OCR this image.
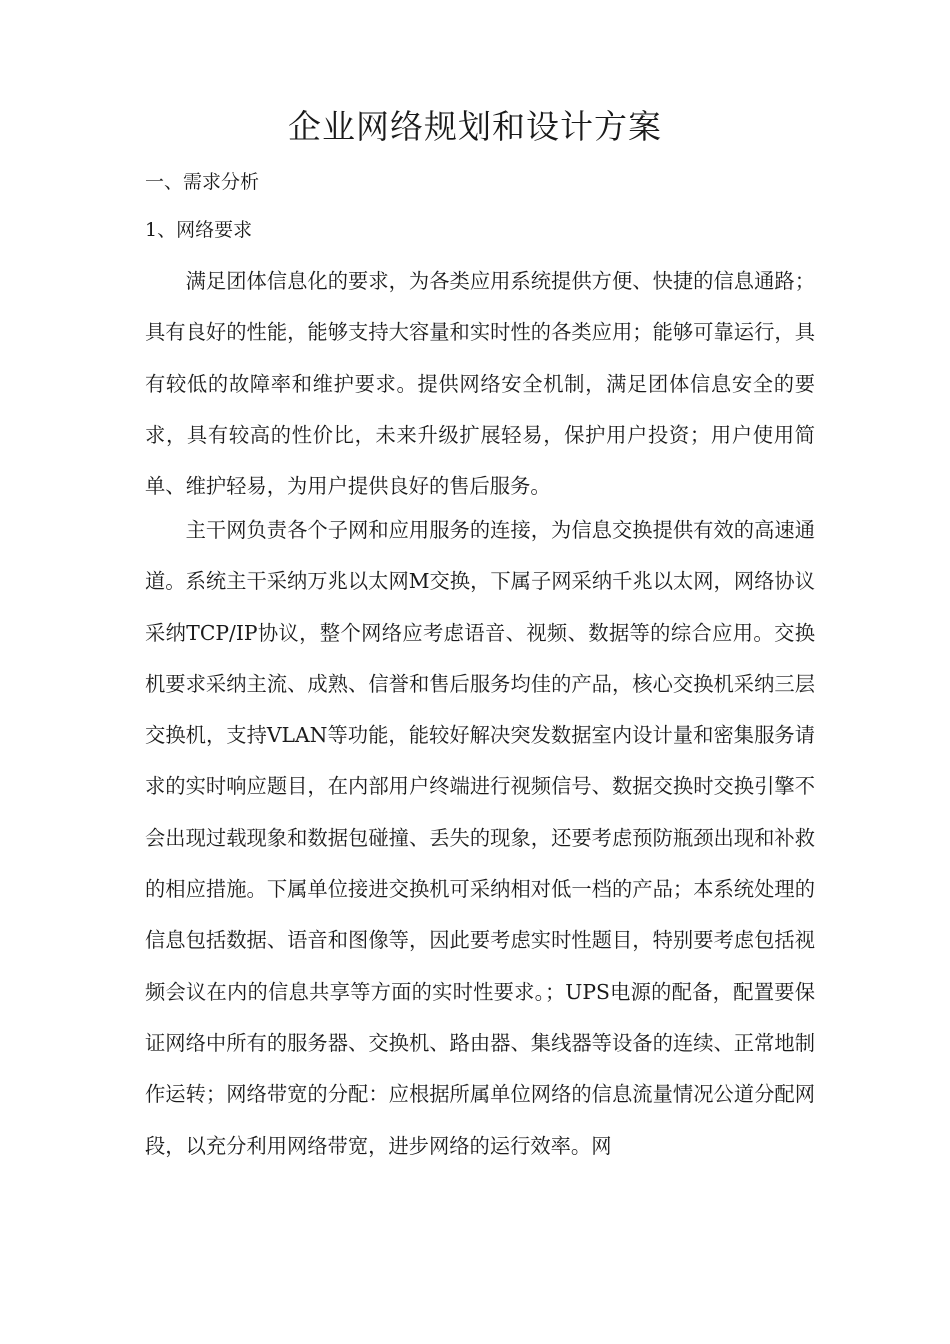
企业网络规划和设计方案
一、需求分析
1、网络要求

满足团体信息化的要求，为各类应用系统提供方便、快捷的信息通路；具有良好的性能，能够支持大容量和实时性的各类应用；能够可靠运行，具有较低的故障率和维护要求。提供网络安全机制，满足团体信息安全的要求，具有较高的性价比，未来升级扩展轻易，保护用户投资；用户使用简单、维护轻易，为用户提供良好的售后服务。

主干网负责各个子网和应用服务的连接，为信息交换提供有效的高速通道。系统主干采纳万兆以太网M交换，下属子网采纳千兆以太网，网络协议采纳TCP/IP协议，整个网络应考虑语音、视频、数据等的综合应用。交换机要求采纳主流、成熟、信誉和售后服务均佳的产品，核心交换机采纳三层交换机，支持VLAN等功能，能较好解决突发数据室内设计量和密集服务请求的实时响应题目，在内部用户终端进行视频信号、数据交换时交换引擎不会出现过载现象和数据包碰撞、丢失的现象，还要考虑预防瓶颈出现和补救的相应措施。下属单位接进交换机可采纳相对低一档的产品；本系统处理的信息包括数据、语音和图像等，因此要考虑实时性题目，特别要考虑包括视频会议在内的信息共享等方面的实时性要求。；UPS电源的配备，配置要保证网络中所有的服务器、交换机、路由器、集线器等设备的连续、正常地制作运转；网络带宽的分配：应根据所属单位网络的信息流量情况公道分配网段，以充分利用网络带宽，进步网络的运行效率。网
